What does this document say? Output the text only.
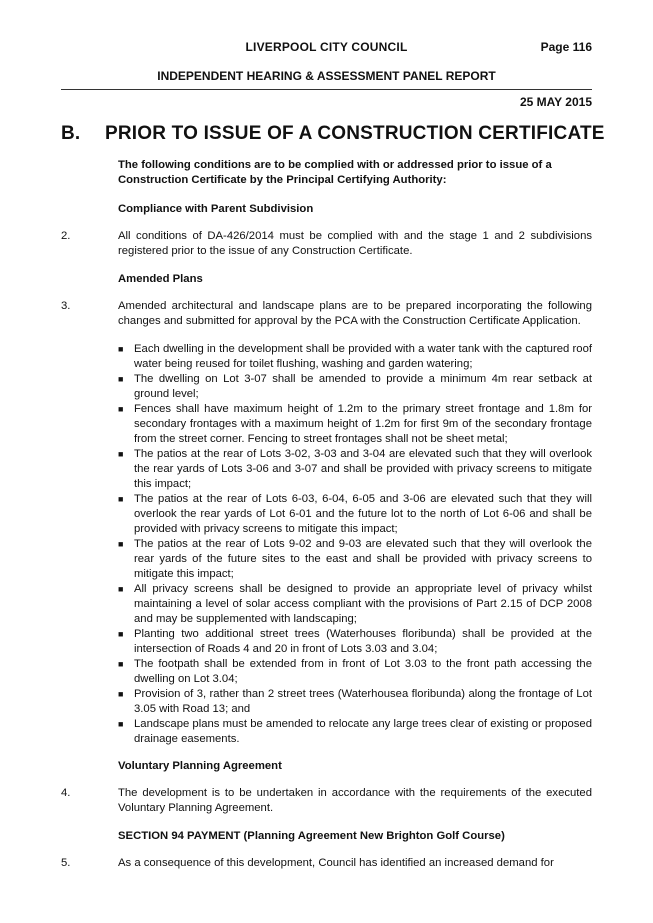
LIVERPOOL CITY COUNCIL	Page 116
INDEPENDENT HEARING & ASSESSMENT PANEL REPORT
25 MAY 2015
B. PRIOR TO ISSUE OF A CONSTRUCTION CERTIFICATE
The following conditions are to be complied with or addressed prior to issue of a Construction Certificate by the Principal Certifying Authority:
Compliance with Parent Subdivision
2.	All conditions of DA-426/2014 must be complied with and the stage 1 and 2 subdivisions registered prior to the issue of any Construction Certificate.
Amended Plans
3.	Amended architectural and landscape plans are to be prepared incorporating the following changes and submitted for approval by the PCA with the Construction Certificate Application.
■ Each dwelling in the development shall be provided with a water tank with the captured roof water being reused for toilet flushing, washing and garden watering;
■ The dwelling on Lot 3-07 shall be amended to provide a minimum 4m rear setback at ground level;
■ Fences shall have maximum height of 1.2m to the primary street frontage and 1.8m for secondary frontages with a maximum height of 1.2m for first 9m of the secondary frontage from the street corner. Fencing to street frontages shall not be sheet metal;
■ The patios at the rear of Lots 3-02, 3-03 and 3-04 are elevated such that they will overlook the rear yards of Lots 3-06 and 3-07 and shall be provided with privacy screens to mitigate this impact;
■ The patios at the rear of Lots 6-03, 6-04, 6-05 and 3-06 are elevated such that they will overlook the rear yards of Lot 6-01 and the future lot to the north of Lot 6-06 and shall be provided with privacy screens to mitigate this impact;
■ The patios at the rear of Lots 9-02 and 9-03 are elevated such that they will overlook the rear yards of the future sites to the east and shall be provided with privacy screens to mitigate this impact;
■ All privacy screens shall be designed to provide an appropriate level of privacy whilst maintaining a level of solar access compliant with the provisions of Part 2.15 of DCP 2008 and may be supplemented with landscaping;
■ Planting two additional street trees (Waterhouses floribunda) shall be provided at the intersection of Roads 4 and 20 in front of Lots 3.03 and 3.04;
■ The footpath shall be extended from in front of Lot 3.03 to the front path accessing the dwelling on Lot 3.04;
■ Provision of 3, rather than 2 street trees (Waterhousea floribunda) along the frontage of Lot 3.05 with Road 13; and
■ Landscape plans must be amended to relocate any large trees clear of existing or proposed drainage easements.
Voluntary Planning Agreement
4.	The development is to be undertaken in accordance with the requirements of the executed Voluntary Planning Agreement.
SECTION 94 PAYMENT (Planning Agreement New Brighton Golf Course)
5.	As a consequence of this development, Council has identified an increased demand for
